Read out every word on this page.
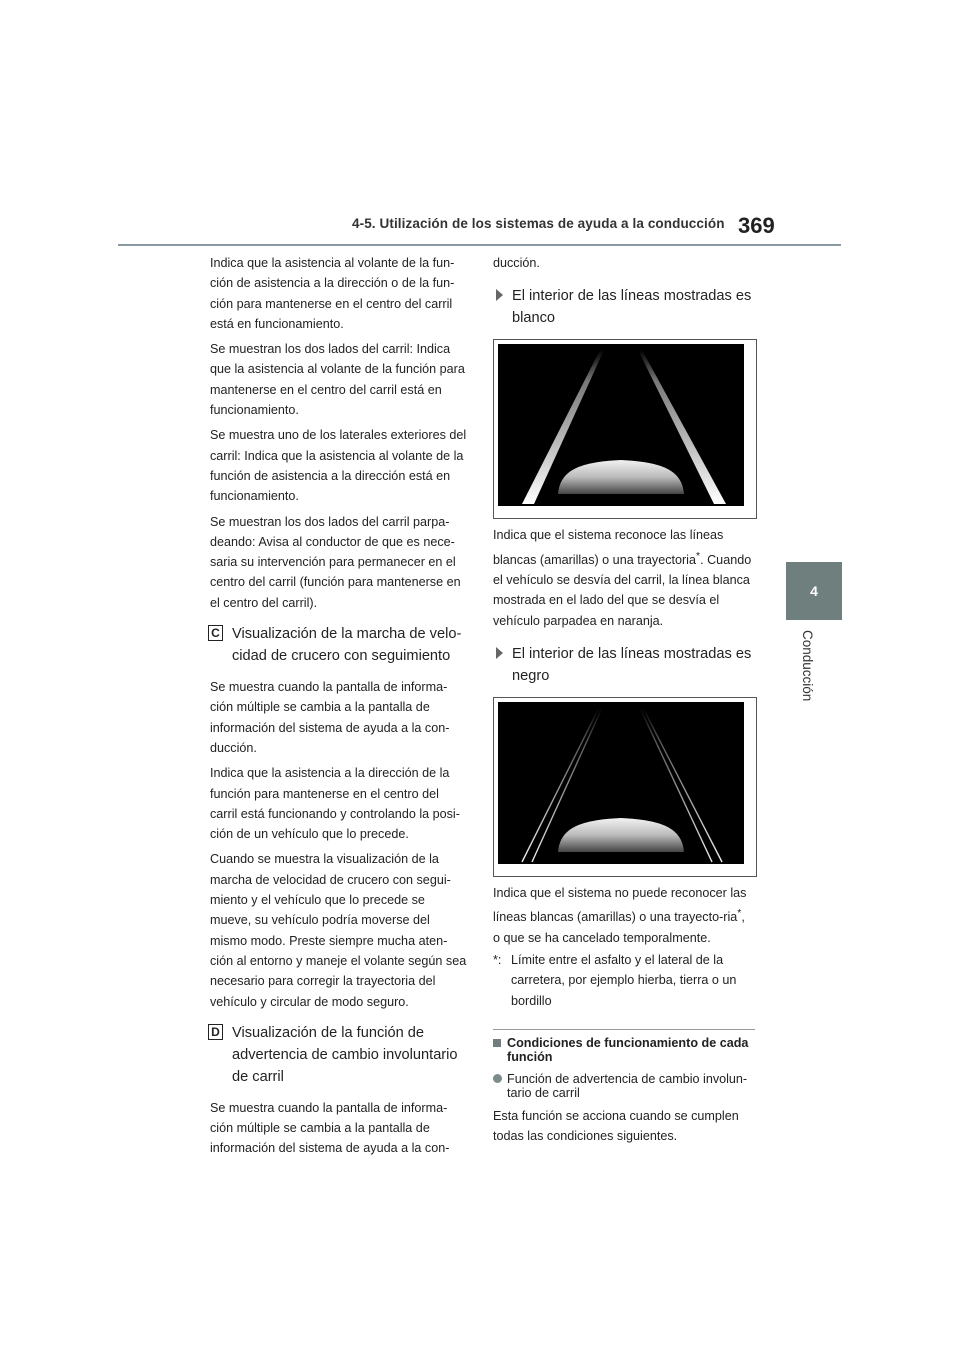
4-5. Utilización de los sistemas de ayuda a la conducción 369
4
Conducción

Indica que la asistencia al volante de la fun-ción de asistencia a la dirección o de la fun-ción para mantenerse en el centro del carril está en funcionamiento.

Se muestran los dos lados del carril: Indica que la asistencia al volante de la función para mantenerse en el centro del carril está en funcionamiento.

Se muestra uno de los laterales exteriores del carril: Indica que la asistencia al volante de la función de asistencia a la dirección está en funcionamiento.

Se muestran los dos lados del carril parpa-deando: Avisa al conductor de que es nece-saria su intervención para permanecer en el centro del carril (función para mantenerse en el centro del carril).

C Visualización de la marcha de velo-cidad de crucero con seguimiento

Se muestra cuando la pantalla de informa-ción múltiple se cambia a la pantalla de información del sistema de ayuda a la con-ducción.

Indica que la asistencia a la dirección de la función para mantenerse en el centro del carril está funcionando y controlando la posi-ción de un vehículo que lo precede.

Cuando se muestra la visualización de la marcha de velocidad de crucero con segui-miento y el vehículo que lo precede se mueve, su vehículo podría moverse del mismo modo. Preste siempre mucha aten-ción al entorno y maneje el volante según sea necesario para corregir la trayectoria del vehículo y circular de modo seguro.

D Visualización de la función de advertencia de cambio involuntario de carril

Se muestra cuando la pantalla de informa-ción múltiple se cambia a la pantalla de información del sistema de ayuda a la con-

ducción.

El interior de las líneas mostradas es blanco
Indica que el sistema reconoce las líneas blancas (amarillas) o una trayectoria*. Cuando el vehículo se desvía del carril, la línea blanca mostrada en el lado del que se desvía el vehículo parpadea en naranja.
El interior de las líneas mostradas es negro
Indica que el sistema no puede reconocer las líneas blancas (amarillas) o una trayecto-ria*, o que se ha cancelado temporalmente.
*: Límite entre el asfalto y el lateral de la carretera, por ejemplo hierba, tierra o un bordillo
Condiciones de funcionamiento de cada función
Función de advertencia de cambio involun-tario de carril

Esta función se acciona cuando se cumplen todas las condiciones siguientes.
